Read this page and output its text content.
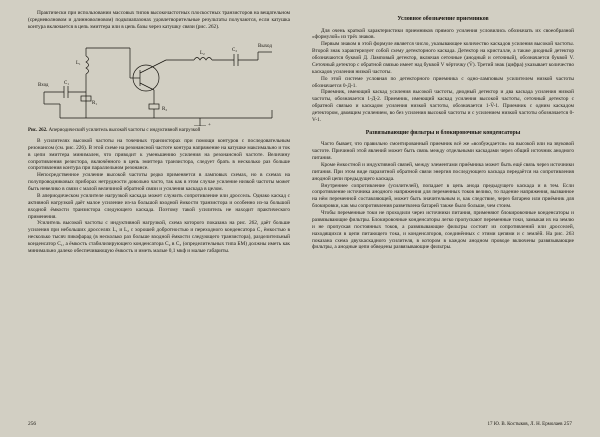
Практически при использовании массовых типов высокочастотных плоскостных транзисторов на вещательном (средневолновом и длинноволновом) подвлиапазонах удовлетворительные результаты получаются, если катушка контура включается в цепь эмиттера или в цепь базы через катушку связи (рис. 262).

Вход
Выход
L₁
L₂
C₁
C₂
R₁
R₂
+
Рис. 262. Апериодический усилитель высокой частоты с индуктивной нагрузкой

В усилителях высокой частоты на точечных транзисторах при помощи контуров с последовательным резонансом (см. рис. 226). В этой схеме на резонансной частоте контура напряжение на катушке максимально и ток в цепи эмиттера минимален, что приводит к уменьшению усиления на резонансной частоте. Величину сопротивления резистора, включённого в цепь эмиттера транзистора, следует брать в несколько раз больше сопротивления контура при параллельном резонансе.

Непосредственное усиление высокой частоты редко применяется в ламповых схемах, но в схемах на полупроводниковых приборах нетрудности довольно часто, так как в этом случае усиление низкой частоты может быть невелико в связи с малой величиной обратной связи и усиления каскада в целом.

В апериодическом усилителе нагрузкой каскада может служить сопротивление или дроссель. Однако каскад с активной нагрузкой даёт малое усиление из-за большой входной ёмкости транзистора и особенно из-за большой входной ёмкости транзистора следующего каскада. Поэтому такой усилитель не находит практического применения.

Усилитель высокой частоты с индуктивной нагрузкой, схема которого показана на рис. 262, даёт больше усиления при небольших дросселях L₁ и L₂ с хорошей добротностью и переходного конденсатора С₁ ёмкостью в несколько тысяч пикофарад (в несколько раз больше входной ёмкости следующего транзистора), разделительный конденсатор С₁, а ёмкость стабилизирующего конденсатора С₂ в С₃ (определительных типа БМ) должны иметь как минимально далеко обеспечивающую ёмкость и иметь малые 0,1 мкф и малые габариты.

Условное обозначение приемников

Для очень краткой характеристики приемников прямого усиления условились обозначать их своеобразной «формулой» из трёх знаков.

Первым знаком в этой формуле является число, указывающее количество каскадов усиления высокой частоты. Второй знак характеризует собой схему детекторного каскада. Детектор на кристалле, а также диодный детектор обозначаются буквой Д. Ламповый детектор, включая сеточные (анодный и сеточный), обозначается буквой V. Сеточный детектор с обратной связью имеет над буквой V чёрточку (V̄). Третий знак (цифра) указывает количество каскадов усиления низкой частоты.

По этой системе условная по детекторного приемника с одно-ламповым усилителем низкой частоты обозначается 0-Д-1.

Приемник, имеющий каскад усиления высокой частоты, диодный детектор и два каскада усиления низкой частоты, обозначается 1-Д-2. Приемник, имеющий каскад усиления высокой частоты, сеточный детектор с обратной связью и каскадом усиления низкой частоты, обозначается 1-V̄-1. Приемник с одним каскадом детектором, двоящим усилением, во без усиления высокой частоты и с усилением низкой частоты обозначается 0-V-1.

Развязывающие фильтры и блокировочные конденсаторы

Часто бывает, что правильно смонтированный приемник всё же «возбуждается» на высокой или на звуковой частоте. Причиной этой явлений может быть связь между отдельными каскадами через общий источник анодного питания.

Кроме ёмкостной и индуктивной связей, между элементами приёмника может быть ещё связь через источники питания. При этом виде паразитной обратной связи энергия последующего каскада передаётся на сопротивления анодной цепи предыдущего каскада.

Внутреннее сопротивление (усилителей), попадает в цепь анода предыдущего каскада и в тем. Если сопротивление источника анодного напряжения для переменных токов велико, то падение напряжения, вызванное на нём переменной составляющей, может быть значительным и, как следствие, через батарею или приёмник для блокировки, как мы сопротивления разветвлена батарей также было больше, чем стоим.

Чтобы переменные токи не проходили через источники питания, применяют блокировочные конденсаторы и развязывающие фильтры. Блокировочные конденсаторы легко пропускают переменные токи, замыкая их на землю и не пропуская постоянных токов, а развязывающие фильтры состоят из сопротивлений или дросселей, находящихся в цепи питающего тока, и конденсаторов, соединённых с этими цепями и с землёй. На рис. 263 показана схема двухкаскадного усилителя, в котором в каждом анодном проводе включены развязывающие фильтры, а анодные цепи обведены развязывающие фильтры.

256	17 Ю. В. Костыков, Л. Н. Ермолаев 257
